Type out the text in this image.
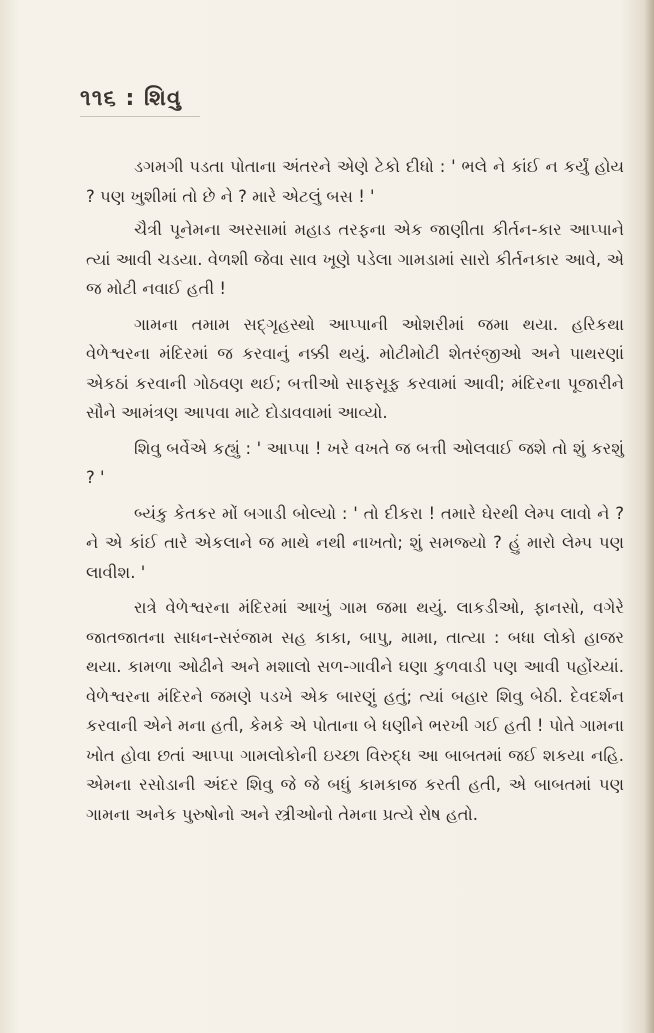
૧૧૬ : શિવુ

ડગમગી પડતા પોતાના અંતરને એણે ટેકો દીધો : ' ભલે ને કાંઈ ન કર્યું હોય ? પણ ખુશીમાં તો છે ને ? મારે એટલું બસ ! '

ચૈત્રી પૂનેમના અરસામાં મહાડ તરફના એક જાણીતા કીર્તન-કાર આપ્પાને ત્યાં આવી ચડયા. વેળશી જેવા સાવ ખૂણે પડેલા ગામડામાં સારો કીર્તનકાર આવે, એ જ મોટી નવાઈ હતી !

ગામના તમામ સદ્ગૃહસ્થો આપ્પાની ઓશરીમાં જમા થયા. હરિકથા વેળેશ્વરના મંદિરમાં જ કરવાનું નક્કી થયું. મોટીમોટી શેતરંજીઓ અને પાથરણાં એકઠાં કરવાની ગોઠવણ થઈ; બત્તીઓ સાફસૂફ કરવામાં આવી; મંદિરના પૂજારીને સૌને આમંત્રણ આપવા માટે દોડાવવામાં આવ્યો.

શિવુ બર્વેએ કહ્યું : ' આપ્પા ! ખરે વખતે જ બત્તી ઓલવાઈ જશે તો શું કરશું ? '

બ્યંકુ કેતકર મોં બગાડી બોલ્યો : ' તો દીકરા ! તમારે ઘેરથી લેમ્પ લાવો ને ? ને એ કાંઈ તારે એકલાને જ માથે નથી નાખતો; શું સમજ્યો ? હું મારો લેમ્પ પણ લાવીશ. '

રાત્રે વેળેશ્વરના મંદિરમાં આખું ગામ જમા થયું. લાકડીઓ, ફાનસો, વગેરે જાતજાતના સાધન-સરંજામ સહ કાકા, બાપુ, મામા, તાત્યા : બધા લોકો હાજર થયા. કામળા ઓઢીને અને મશાલો સળ-ગાવીને ઘણા કુળવાડી પણ આવી પહોંચ્યાં. વેળેશ્વરના મંદિરને જમણે પડખે એક બારણું હતું; ત્યાં બહાર શિવુ બેઠી. દેવદર્શન કરવાની એને મના હતી, કેમકે એ પોતાના બે ધણીને ભરખી ગઈ હતી ! પોતે ગામના ખોત હોવા છતાં આપ્પા ગામલોકોની ઇચ્છા વિરુદ્ધ આ બાબતમાં જઈ શકયા નહિ. એમના રસોડાની અંદર શિવુ જે જે બધું કામકાજ કરતી હતી, એ બાબતમાં પણ ગામના અનેક પુરુષોનો અને સ્ત્રીઓનો તેમના પ્રત્યે રોષ હતો.
